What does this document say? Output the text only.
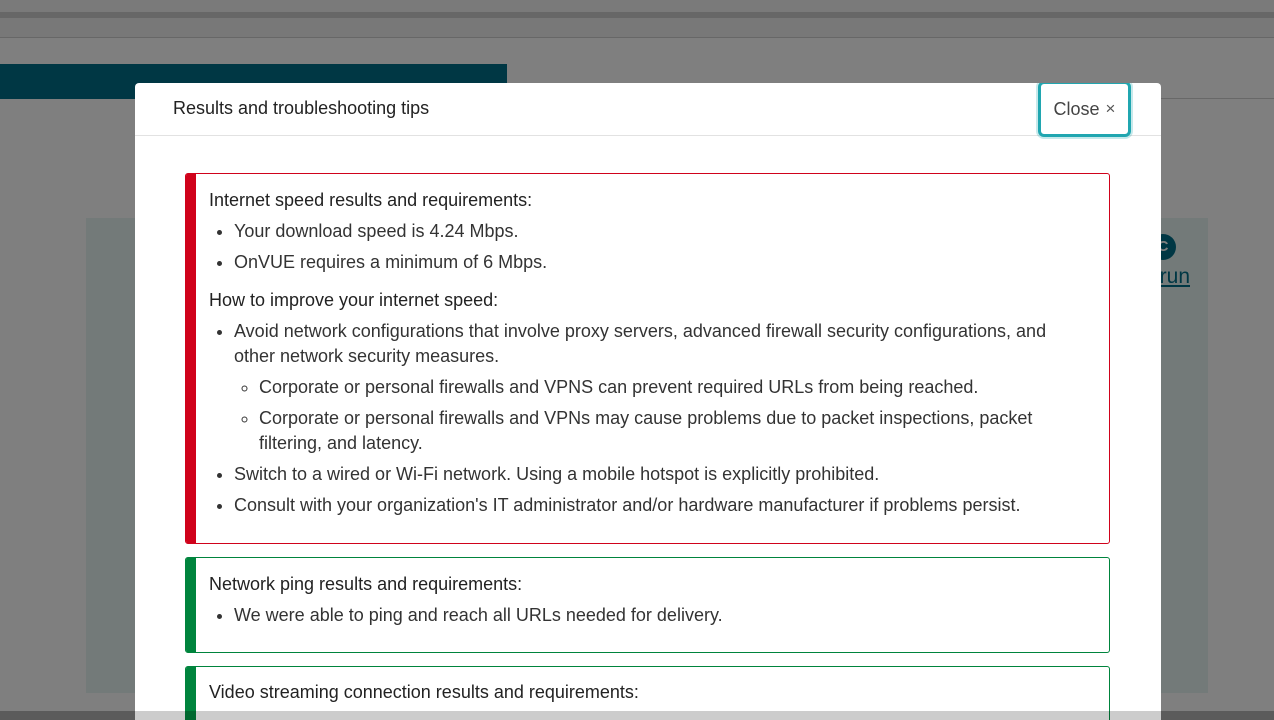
Results and troubleshooting tips	Close ×
Internet speed results and requirements:
• Your download speed is 4.24 Mbps.
• OnVUE requires a minimum of 6 Mbps.
How to improve your internet speed:
• Avoid network configurations that involve proxy servers, advanced firewall security configurations, and other network security measures.
◦ Corporate or personal firewalls and VPNS can prevent required URLs from being reached.
◦ Corporate or personal firewalls and VPNs may cause problems due to packet inspections, packet filtering, and latency.
• Switch to a wired or Wi-Fi network. Using a mobile hotspot is explicitly prohibited.
• Consult with your organization's IT administrator and/or hardware manufacturer if problems persist.
Network ping results and requirements:
• We were able to ping and reach all URLs needed for delivery.
Video streaming connection results and requirements:
